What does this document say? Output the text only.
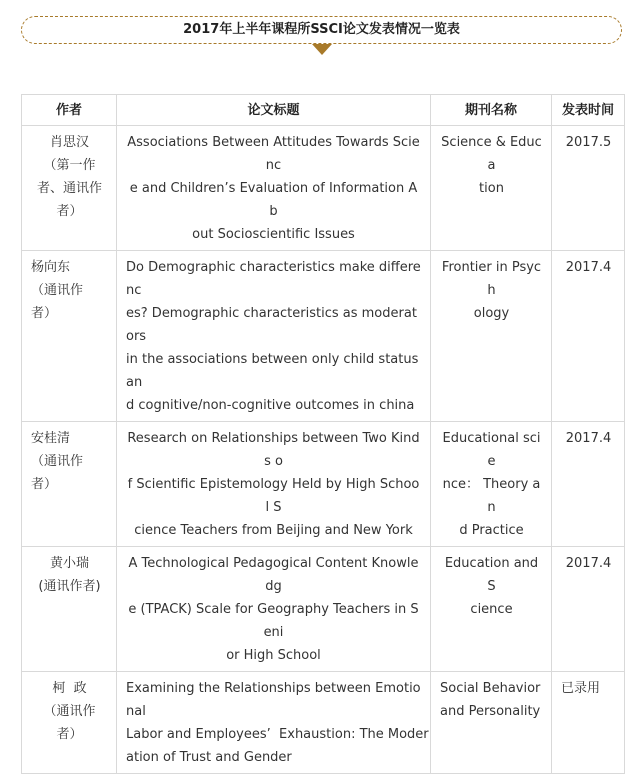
2017年上半年课程所SSCI论文发表情况一览表
作者	论文标题	期刊名称	发表时间

肖思汉
（第一作
者、通讯作
者）	Associations Between Attitudes Towards Scienc
e and Children’s Evaluation of Information Ab
out Socioscientific Issues	Science & Educa
tion	2017.5

杨向东
（通讯作
者）	Do Demographic characteristics make differenc
es? Demographic characteristics as moderators
in the associations between only child status an
d cognitive/non-cognitive outcomes in china	Frontier in Psych
ology	2017.4

安桂清
（通讯作
者）	Research on Relationships between Two Kinds o
f Scientific Epistemology Held by High School S
cience Teachers from Beijing and New York	Educational scie
nce： Theory an
d Practice	2017.4

黄小瑞
(通讯作者)	A Technological Pedagogical Content Knowledg
e (TPACK) Scale for Geography Teachers in Seni
or High School	Education and S
cience	2017.4

柯  政
（通讯作
者）	Examining the Relationships between Emotional
Labor and Employees’  Exhaustion: The Moder
ation of Trust and Gender	Social Behavior
and Personality	已录用
